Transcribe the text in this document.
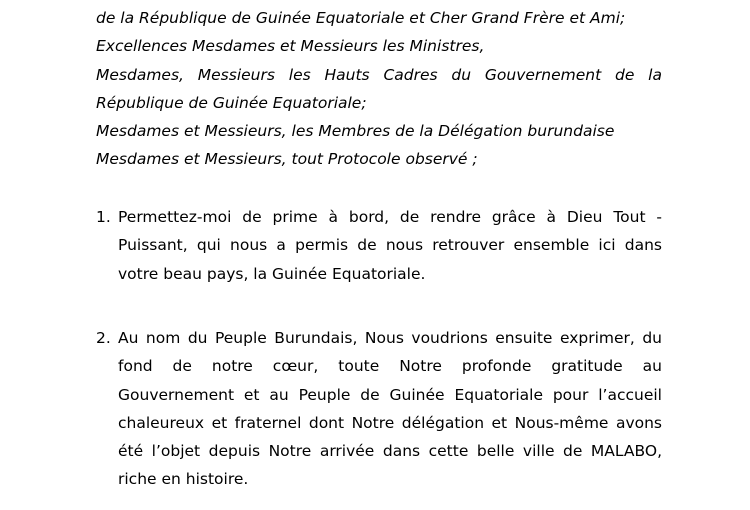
de la République de Guinée Equatoriale et Cher Grand Frère et Ami;
Excellences Mesdames et Messieurs les Ministres,
Mesdames, Messieurs les Hauts Cadres du Gouvernement de la
République de Guinée Equatoriale;
Mesdames et Messieurs, les Membres de la Délégation burundaise
Mesdames et Messieurs, tout Protocole observé ;
1. Permettez-moi de prime à bord, de rendre grâce à Dieu Tout - Puissant, qui nous a permis de nous retrouver ensemble ici dans votre beau pays, la Guinée Equatoriale.
2. Au nom du Peuple Burundais, Nous voudrions ensuite exprimer, du fond de notre cœur, toute Notre profonde gratitude au Gouvernement et au Peuple de Guinée Equatoriale pour l’accueil chaleureux et fraternel dont Notre délégation et Nous-même avons été l’objet depuis Notre arrivée dans cette belle ville de MALABO, riche en histoire.
